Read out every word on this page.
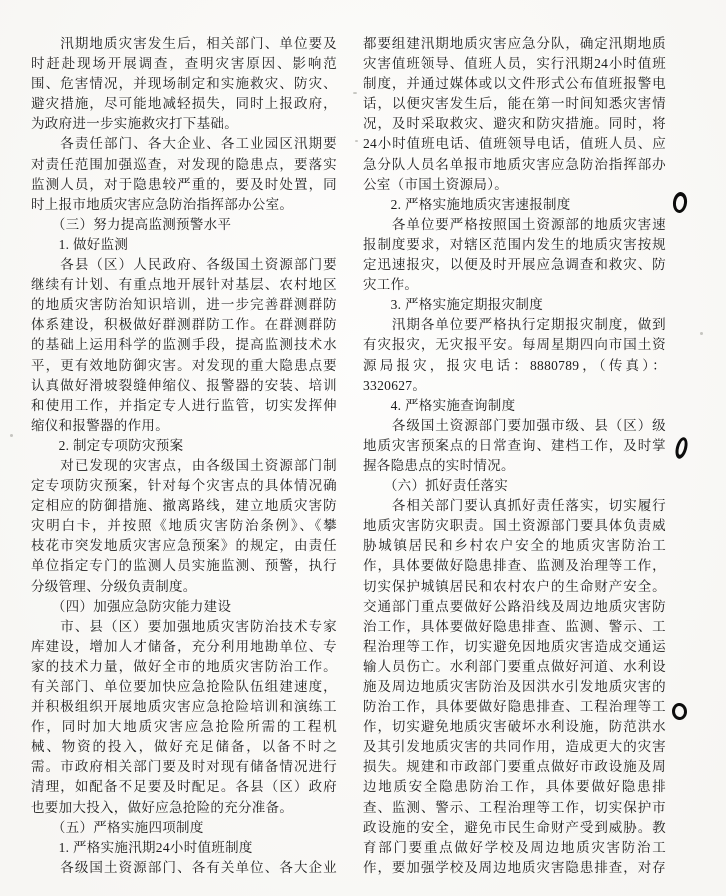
　　汛期地质灾害发生后，相关部门、单位要及
时赶赴现场开展调查，查明灾害原因、影响范
围、危害情况，并现场制定和实施救灾、防灾、
避灾措施，尽可能地减轻损失，同时上报政府，
为政府进一步实施救灾打下基础。
　　各责任部门、各大企业、各工业园区汛期要
对责任范围加强巡查，对发现的隐患点，要落实
监测人员，对于隐患较严重的，要及时处置，同
时上报市地质灾害应急防治指挥部办公室。
　　（三）努力提高监测预警水平
　　1. 做好监测
　　各县（区）人民政府、各级国土资源部门要
继续有计划、有重点地开展针对基层、农村地区
的地质灾害防治知识培训，进一步完善群测群防
体系建设，积极做好群测群防工作。在群测群防
的基础上运用科学的监测手段，提高监测技术水
平，更有效地防御灾害。对发现的重大隐患点要
认真做好滑坡裂缝伸缩仪、报警器的安装、培训
和使用工作，并指定专人进行监管，切实发挥伸
缩仪和报警器的作用。
　　2. 制定专项防灾预案
　　对已发现的灾害点，由各级国土资源部门制
定专项防灾预案，针对每个灾害点的具体情况确
定相应的防御措施、撤离路线，建立地质灾害防
灾明白卡，并按照《地质灾害防治条例》、《攀
枝花市突发地质灾害应急预案》的规定，由责任
单位指定专门的监测人员实施监测、预警，执行
分级管理、分级负责制度。
　　（四）加强应急防灾能力建设
　　市、县（区）要加强地质灾害防治技术专家
库建设，增加人才储备，充分利用地勘单位、专
家的技术力量，做好全市的地质灾害防治工作。
有关部门、单位要加快应急抢险队伍组建速度，
并积极组织开展地质灾害应急抢险培训和演练工
作，同时加大地质灾害应急抢险所需的工程机
械、物资的投入，做好充足储备，以备不时之
需。市政府相关部门要及时对现有储备情况进行
清理，如配备不足要及时配足。各县（区）政府
也要加大投入，做好应急抢险的充分准备。
　　（五）严格实施四项制度
　　1. 严格实施汛期24小时值班制度
　　各级国土资源部门、各有关单位、各大企业
都要组建汛期地质灾害应急分队，确定汛期地质
灾害值班领导、值班人员，实行汛期24小时值班
制度，并通过媒体或以文件形式公布值班报警电
话，以便灾害发生后，能在第一时间知悉灾害情
况，及时采取救灾、避灾和防灾措施。同时，将
24小时值班电话、值班领导电话，值班人员、应
急分队人员名单报市地质灾害应急防治指挥部办
公室（市国土资源局）。
　　2. 严格实施地质灾害速报制度
　　各单位要严格按照国土资源部的地质灾害速
报制度要求，对辖区范围内发生的地质灾害按规
定迅速报灾，以便及时开展应急调查和救灾、防
灾工作。
　　3. 严格实施定期报灾制度
　　汛期各单位要严格执行定期报灾制度，做到
有灾报灾，无灾报平安。每周星期四向市国土资
源局报灾，报灾电话：8880789，（传真）：
3320627。
　　4. 严格实施查询制度
　　各级国土资源部门要加强市级、县（区）级
地质灾害预案点的日常查询、建档工作，及时掌
握各隐患点的实时情况。
　　（六）抓好责任落实
　　各相关部门要认真抓好责任落实，切实履行
地质灾害防灾职责。国土资源部门要具体负责威
胁城镇居民和乡村农户安全的地质灾害防治工
作，具体要做好隐患排查、监测及治理等工作，
切实保护城镇居民和农村农户的生命财产安全。
交通部门重点要做好公路沿线及周边地质灾害防
治工作，具体要做好隐患排查、监测、警示、工
程治理等工作，切实避免因地质灾害造成交通运
输人员伤亡。水利部门要重点做好河道、水利设
施及周边地质灾害防治及因洪水引发地质灾害的
防治工作，具体要做好隐患排查、工程治理等工
作，切实避免地质灾害破坏水利设施，防范洪水
及其引发地质灾害的共同作用，造成更大的灾害
损失。规建和市政部门要重点做好市政设施及周
边地质安全隐患防治工作，具体要做好隐患排
查、监测、警示、工程治理等工作，切实保护市
政设施的安全，避免市民生命财产受到威胁。教
育部门要重点做好学校及周边地质灾害防治工
作，要加强学校及周边地质灾害隐患排查，对存
